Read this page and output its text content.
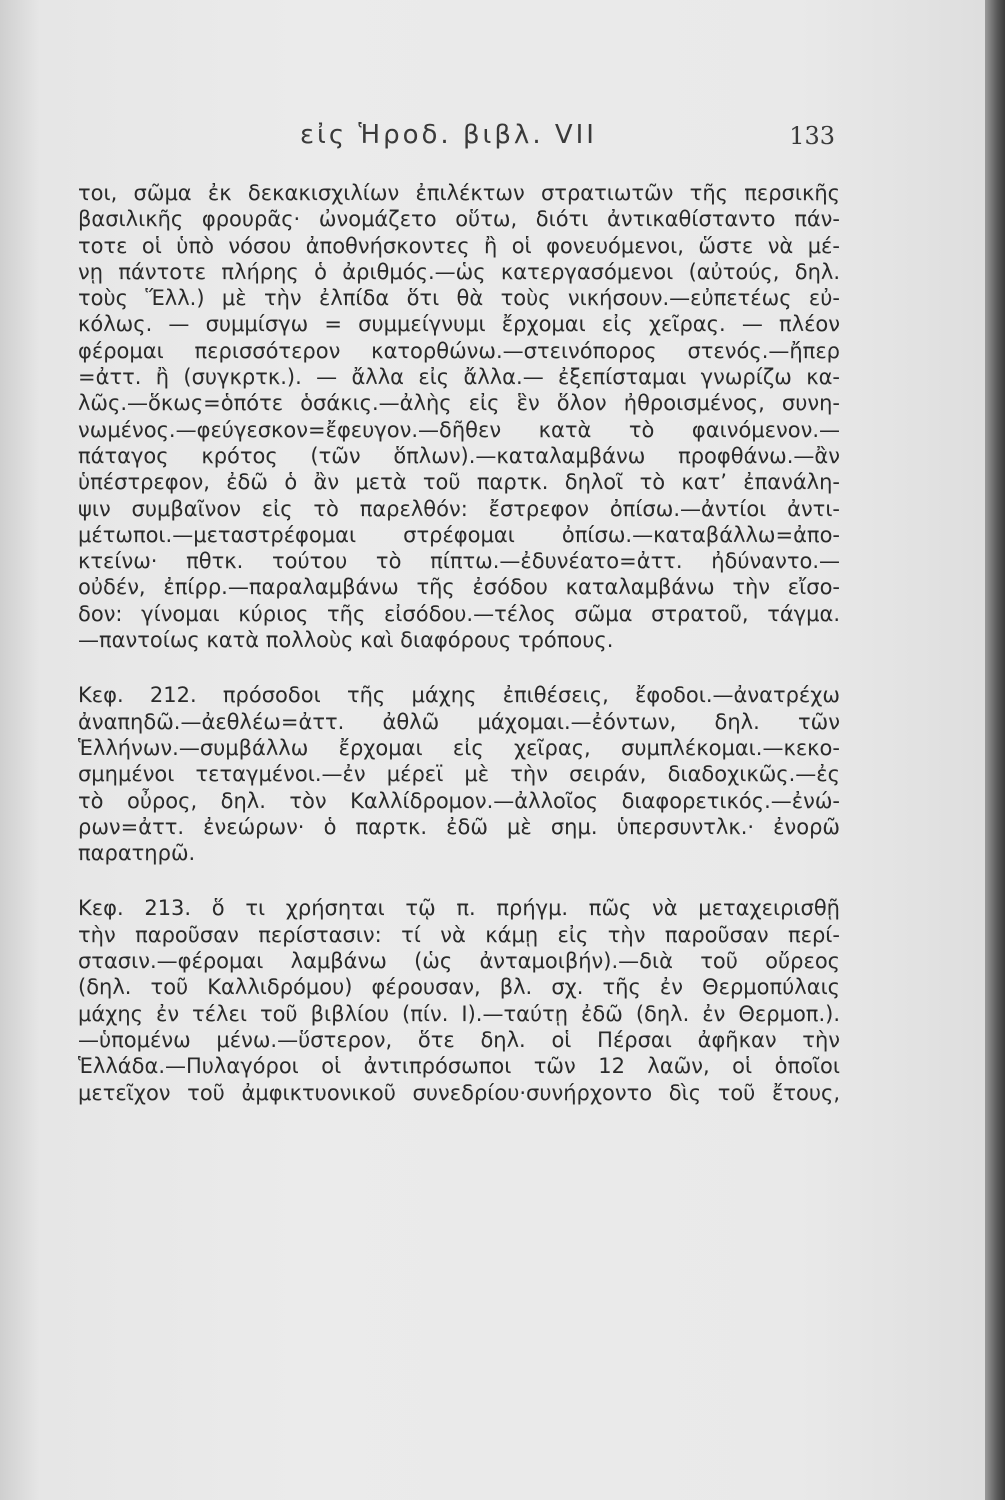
εἰς Ἡροδ. βιβλ. VII	133
τοι, σῶμα ἐκ δεκακισχιλίων ἐπιλέκτων στρατιωτῶν τῆς περσικῆς
βασιλικῆς φρουρᾶς· ὠνομάζετο οὕτω, διότι ἀντικαθίσταντο πάν-
τοτε οἱ ὑπὸ νόσου ἀποθνήσκοντες ἢ οἱ φονευόμενοι, ὥστε νὰ μέ-
νῃ πάντοτε πλήρης ὁ ἀριθμός.—ὡς κατεργασόμενοι (αὐτούς, δηλ.
τοὺς Ἕλλ.) μὲ τὴν ἐλπίδα ὅτι θὰ τοὺς νικήσουν.—εὐπετέως εὐ-
κόλως. — συμμίσγω = συμμείγνυμι ἔρχομαι εἰς χεῖρας. — πλέον
φέρομαι περισσότερον κατορθώνω.—στεινόπορος στενός.—ἤπερ
=ἀττ. ἢ (συγκρτκ.). — ἄλλα εἰς ἄλλα.— ἐξεπίσταμαι γνωρίζω κα-
λῶς.—ὅκως=ὁπότε ὁσάκις.—ἀλὴς εἰς ἓν ὅλον ἠθροισμένος, συνη-
νωμένος.—φεύγεσκον=ἔφευγον.—δῆθεν κατὰ τὸ φαινόμενον.—
πάταγος κρότος (τῶν ὅπλων).—καταλαμβάνω προφθάνω.—ἂν
ὑπέστρεφον, ἐδῶ ὁ ἂν μετὰ τοῦ παρτκ. δηλοῖ τὸ κατ’ ἐπανάλη-
ψιν συμβαῖνον εἰς τὸ παρελθόν: ἔστρεφον ὀπίσω.—ἀντίοι ἀντι-
μέτωποι.—μεταστρέφομαι στρέφομαι ὀπίσω.—καταβάλλω=ἀπο-
κτείνω· πθτκ. τούτου τὸ πίπτω.—ἐδυνέατο=ἀττ. ἠδύναντο.—
οὐδέν, ἐπίρρ.—παραλαμβάνω τῆς ἐσόδου καταλαμβάνω τὴν εἴσο-
δον: γίνομαι κύριος τῆς εἰσόδου.—τέλος σῶμα στρατοῦ, τάγμα.
—παντοίως κατὰ πολλοὺς καὶ διαφόρους τρόπους.
Κεφ. 212. πρόσοδοι τῆς μάχης ἐπιθέσεις, ἔφοδοι.—ἀνατρέχω
ἀναπηδῶ.—ἀεθλέω=ἀττ. ἀθλῶ μάχομαι.—ἐόντων, δηλ. τῶν
Ἑλλήνων.—συμβάλλω ἔρχομαι εἰς χεῖρας, συμπλέκομαι.—κεκο-
σμημένοι τεταγμένοι.—ἐν μέρεϊ μὲ τὴν σειράν, διαδοχικῶς.—ἐς
τὸ οὖρος, δηλ. τὸν Καλλίδρομον.—ἀλλοῖος διαφορετικός.—ἐνώ-
ρων=ἀττ. ἐνεώρων· ὁ παρτκ. ἐδῶ μὲ σημ. ὑπερσυντλκ.· ἐνορῶ
παρατηρῶ.
Κεφ. 213. ὅ τι χρήσηται τῷ π. πρήγμ. πῶς νὰ μεταχειρισθῇ
τὴν παροῦσαν περίστασιν: τί νὰ κάμῃ εἰς τὴν παροῦσαν περί-
στασιν.—φέρομαι λαμβάνω (ὡς ἀνταμοιβήν).—διὰ τοῦ οὔρεος
(δηλ. τοῦ Καλλιδρόμου) φέρουσαν, βλ. σχ. τῆς ἐν Θερμοπύλαις
μάχης ἐν τέλει τοῦ βιβλίου (πίν. Ι).—ταύτῃ ἐδῶ (δηλ. ἐν Θερμοπ.).
—ὑπομένω μένω.—ὕστερον, ὅτε δηλ. οἱ Πέρσαι ἀφῆκαν τὴν
Ἑλλάδα.—Πυλαγόροι οἱ ἀντιπρόσωποι τῶν 12 λαῶν, οἱ ὁποῖοι
μετεῖχον τοῦ ἀμφικτυονικοῦ συνεδρίου·συνήρχοντο δὶς τοῦ ἔτους,
